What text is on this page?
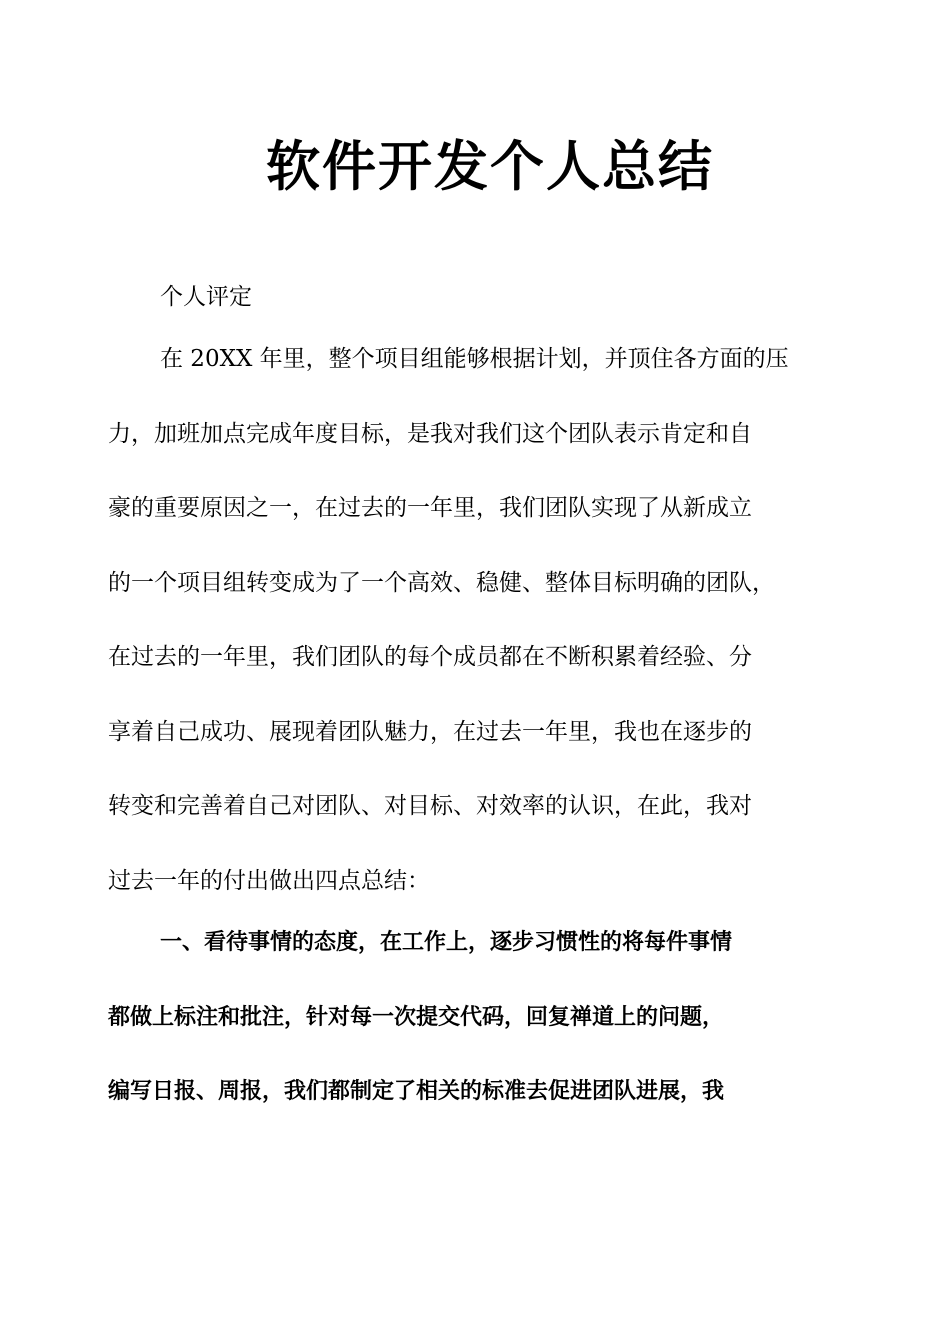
软件开发个人总结
个人评定
在 20XX 年里，整个项目组能够根据计划，并顶住各方面的压
力，加班加点完成年度目标，是我对我们这个团队表示肯定和自
豪的重要原因之一，在过去的一年里，我们团队实现了从新成立
的一个项目组转变成为了一个高效、稳健、整体目标明确的团队，
在过去的一年里，我们团队的每个成员都在不断积累着经验、分
享着自己成功、展现着团队魅力，在过去一年里，我也在逐步的
转变和完善着自己对团队、对目标、对效率的认识，在此，我对
过去一年的付出做出四点总结：
一、看待事情的态度，在工作上，逐步习惯性的将每件事情
都做上标注和批注，针对每一次提交代码，回复禅道上的问题，
编写日报、周报，我们都制定了相关的标准去促进团队进展，我
